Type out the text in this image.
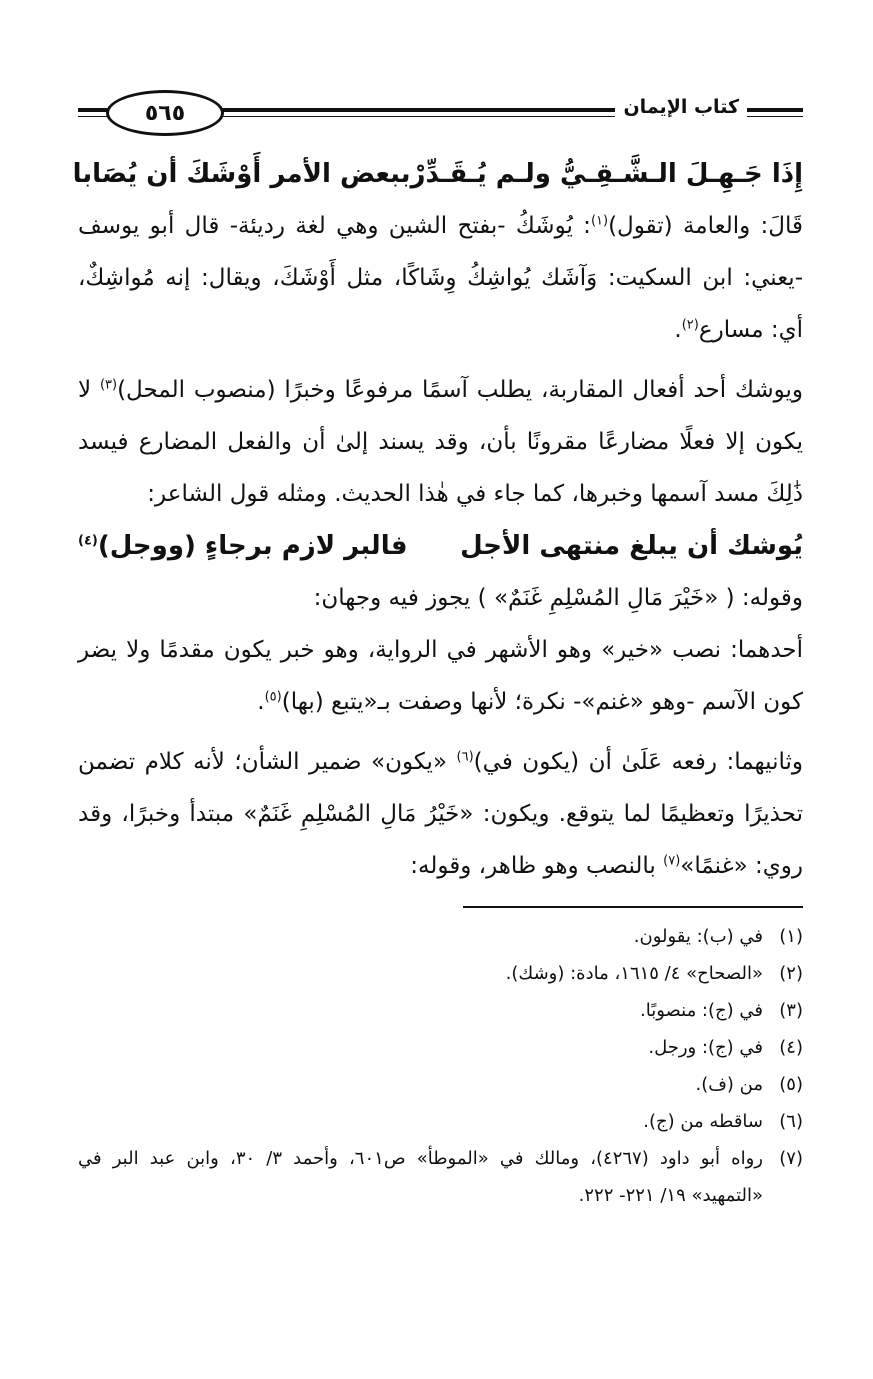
٥٦٥	كتاب الإيمان
إِذَا جَـهِـلَ الـشَّـقِـيُّ ولـم يُـقَـدِّرْ
ببعض الأمر أَوْشَكَ أن يُصَابا

قَالَ: والعامة (تقول)$^{(١)}$: يُوشَكُ -بفتح الشين وهي لغة رديئة- قال أبو يوسف -يعني: ابن السكيت: وَآشَك يُواشِكُ وِشَاكًا، مثل أَوْشَكَ، ويقال: إنه مُواشِكٌ، أي: مسارع$^{(٢)}$.

ويوشك أحد أفعال المقاربة، يطلب آسمًا مرفوعًا وخبرًا (منصوب المحل)$^{(٣)}$ لا يكون إلا فعلًا مضارعًا مقرونًا بأن، وقد يسند إلىٰ أن والفعل المضارع فيسد ذَٰلِكَ مسد آسمها وخبرها، كما جاء في هٰذا الحديث. ومثله قول الشاعر:

يُوشك أن يبلغ منتهى الأجل
فالبر لازم برجاءٍ (ووجل)$^{(٤)}$

وقوله: ( «خَيْرَ مَالِ المُسْلِمِ غَنَمٌ» ) يجوز فيه وجهان:

أحدهما: نصب «خير» وهو الأشهر في الرواية، وهو خبر يكون مقدمًا ولا يضر كون الآسم -وهو «غنم»- نكرة؛ لأنها وصفت بـ«يتبع (بها)$^{(٥)}$.

وثانيهما: رفعه عَلَىٰ أن (يكون في)$^{(٦)}$ «يكون» ضمير الشأن؛ لأنه كلام تضمن تحذيرًا وتعظيمًا لما يتوقع. ويكون: «خَيْرُ مَالِ المُسْلِمِ غَنَمٌ» مبتدأ وخبرًا، وقد روي: «غنمًا»$^{(٧)}$ بالنصب وهو ظاهر، وقوله:

(١)
في (ب): يقولون.
(٢)
«الصحاح» ٤/ ١٦١٥، مادة: (وشك).
(٣)
في (ج): منصوبًا.
(٤)
في (ج): ورجل.
(٥)
من (ف).
(٦)
ساقطه من (ج).
(٧)
رواه أبو داود (٤٢٦٧)، ومالك في «الموطأ» ص٦٠١، وأحمد ٣/ ٣٠، وابن عبد البر في «التمهيد» ١٩/ ٢٢١- ٢٢٢.
